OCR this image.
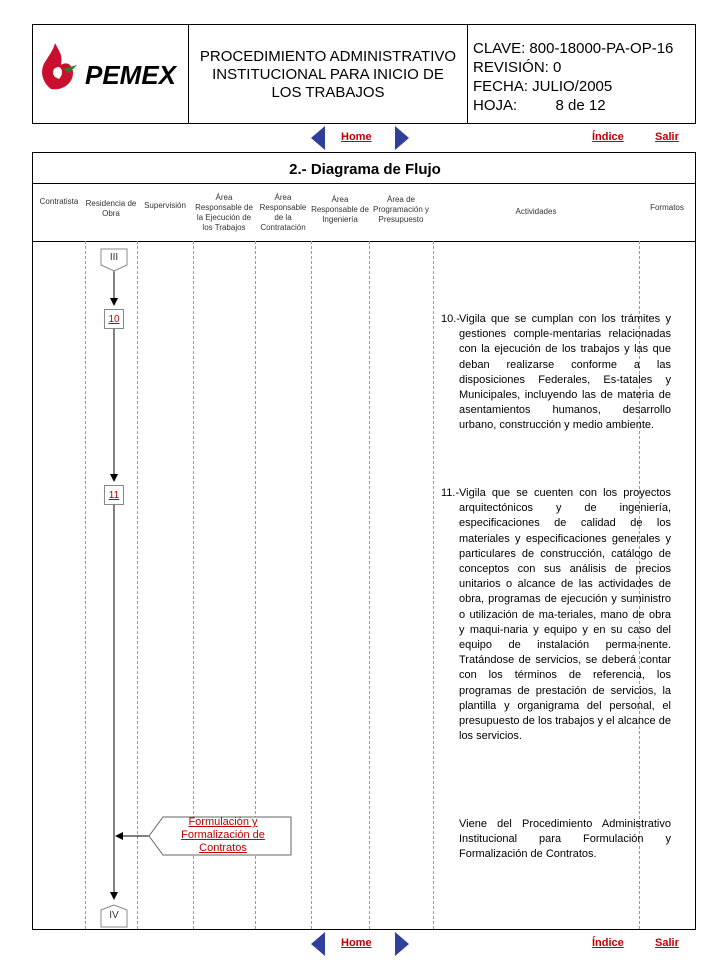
PEMEX
PROCEDIMIENTO ADMINISTRATIVO
INSTITUCIONAL PARA INICIO DE
LOS TRABAJOS
CLAVE: 800-18000-PA-OP-16
REVISIÓN: 0
FECHA: JULIO/2005
HOJA:	8 de 12
Home	Índice	Salir
2.- Diagrama de Flujo
Contratista Residencia de Obra
Supervisión
Área Responsable de la Ejecución de los Trabajos
Área Responsable de la Contratación
Área Responsable de Ingeniería
Área de Programación y Presupuesto
Actividades	Formatos
III
IV
10
11
Formulación y Formalización de Contratos
10.- Vigila que se cumplan con los trámites y gestiones comple-mentarias relacionadas con la ejecución de los trabajos y las que deban realizarse conforme a las disposiciones Federales, Es-tatales y Municipales, incluyendo las de materia de asentamientos humanos, desarrollo urbano, construcción y medio ambiente.
11.- Vigila que se cuenten con los proyectos arquitectónicos y de ingeniería, especificaciones de calidad de los materiales y especificaciones generales y particulares de construcción, catálogo de conceptos con sus análisis de precios unitarios o alcance de las actividades de obra, programas de ejecución y suministro o utilización de ma-teriales, mano de obra y maqui-naria y equipo y en su caso del equipo de instalación perma-nente. Tratándose de servicios, se deberá contar con los términos de referencia, los programas de prestación de servicios, la plantilla y organigrama del personal, el presupuesto de los trabajos y el alcance de los servicios.
Viene del Procedimiento Administrativo Institucional para Formulación y Formalización de Contratos.
Home	Índice	Salir
